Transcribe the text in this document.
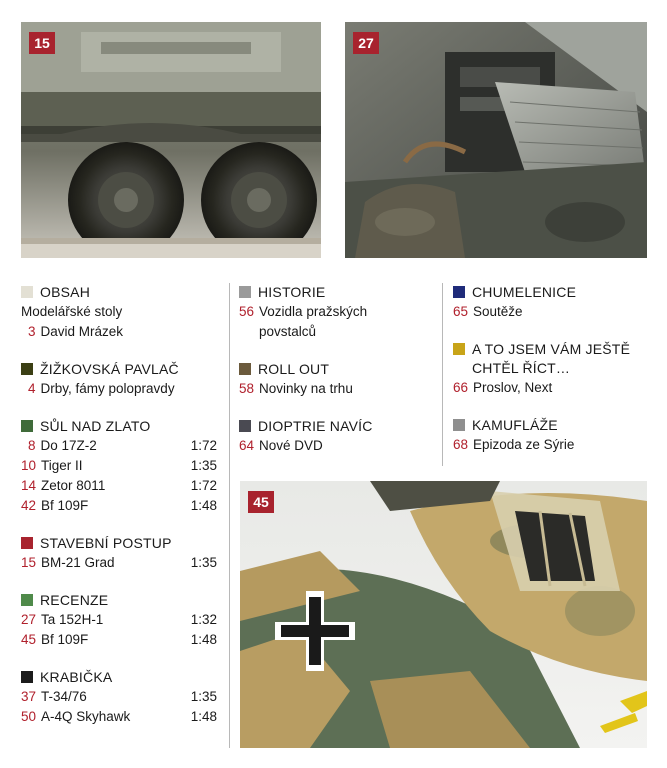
15	27
45
OBSAH
Modelářské stoly
3 David Mrázek
ŽIŽKOVSKÁ PAVLAČ
4 Drby, fámy polopravdy
SŮL NAD ZLATO
8 Do 17Z-2	1:72
10 Tiger II	1:35
14 Zetor 8011	1:72
42 Bf 109F	1:48
STAVEBNÍ POSTUP
15 BM-21 Grad	1:35
RECENZE
27 Ta 152H-1	1:32
45 Bf 109F	1:48
KRABIČKA
37 T-34/76	1:35
50 A-4Q Skyhawk	1:48
HISTORIE
56 Vozidla pražských povstalců
ROLL OUT
58 Novinky na trhu
DIOPTRIE NAVÍC
64 Nové DVD
CHUMELENICE
65 Soutěže
A TO JSEM VÁM JEŠTĚ CHTĚL ŘÍCT…
66 Proslov, Next
KAMUFLÁŽE
68 Epizoda ze Sýrie
